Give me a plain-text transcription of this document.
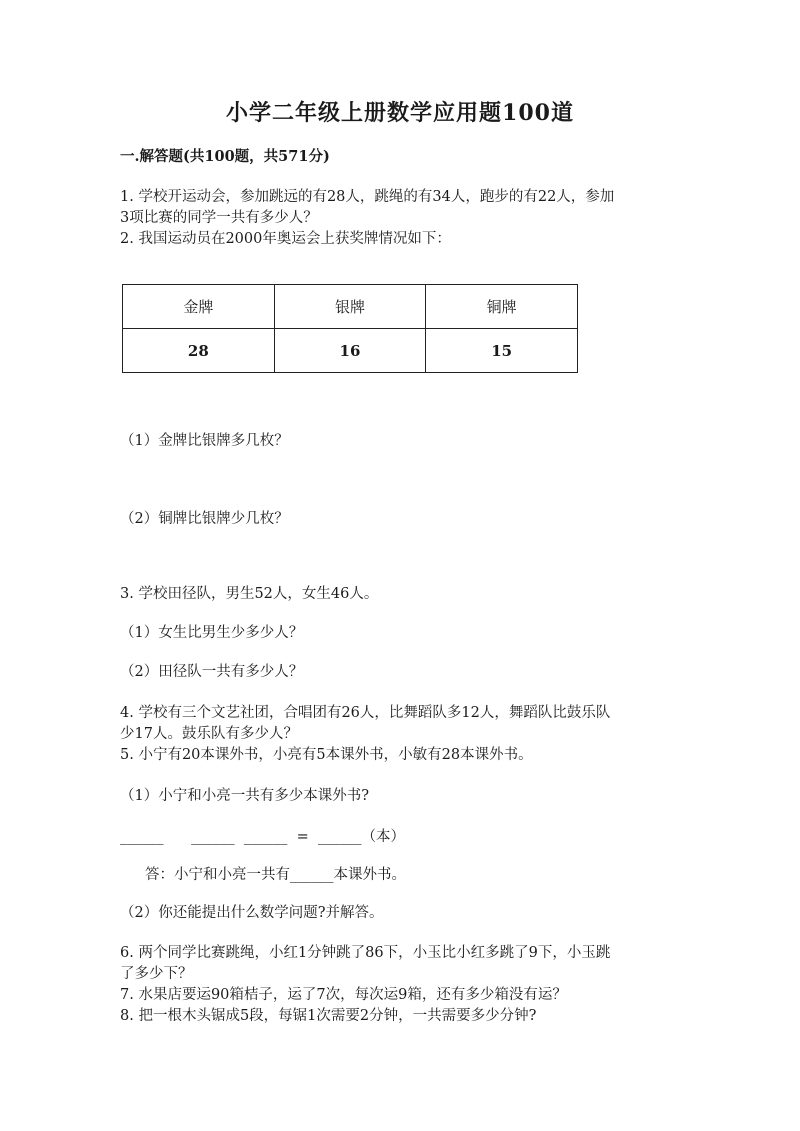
小学二年级上册数学应用题100道
一.解答题(共100题，共571分)
1. 学校开运动会，参加跳远的有28人，跳绳的有34人，跑步的有22人，参加
3项比赛的同学一共有多少人？
2. 我国运动员在2000年奥运会上获奖牌情况如下：
金牌	银牌	铜牌
28	16	15
（1）金牌比银牌多几枚？
（2）铜牌比银牌少几枚？
3. 学校田径队，男生52人，女生46人。
（1）女生比男生少多少人？
（2）田径队一共有多少人？
4. 学校有三个文艺社团，合唱团有26人，比舞蹈队多12人，舞蹈队比鼓乐队
少17人。鼓乐队有多少人？
5. 小宁有20本课外书，小亮有5本课外书，小敏有28本课外书。
（1）小宁和小亮一共有多少本课外书?
______      ______  ______  =  ______（本）
答：小宁和小亮一共有______本课外书。
（2）你还能提出什么数学问题?并解答。
6. 两个同学比赛跳绳，小红1分钟跳了86下，小玉比小红多跳了9下，小玉跳
了多少下？
7. 水果店要运90箱桔子，运了7次，每次运9箱，还有多少箱没有运？
8. 把一根木头锯成5段，每锯1次需要2分钟，一共需要多少分钟?
